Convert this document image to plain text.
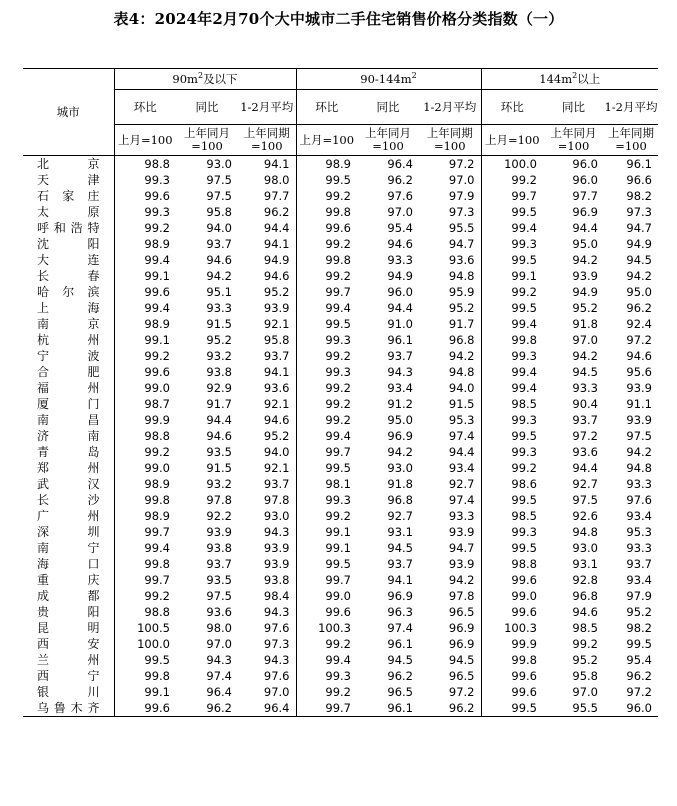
表4：2024年2月70个大中城市二手住宅销售价格分类指数（一）
城市	$90m^2$及以下			$90-144m^2$			$144m^2$以上		
	环比	同比	1-2月平均	环比	同比	1-2月平均	环比	同比	1-2月平均
	上月=100	上年同月=100	上年同期=100	上月=100	上年同月=100	上年同期=100	上月=100	上年同月=100	上年同期=100
北京	98.8	93.0	94.1	98.9	96.4	97.2	100.0	96.0	96.1
天津	99.3	97.5	98.0	99.5	96.2	97.0	99.2	96.0	96.6
石家庄	99.6	97.5	97.7	99.2	97.6	97.9	99.7	97.7	98.2
太原	99.3	95.8	96.2	99.8	97.0	97.3	99.5	96.9	97.3
呼和浩特	99.2	94.0	94.4	99.6	95.4	95.5	99.4	94.4	94.7
沈阳	98.9	93.7	94.1	99.2	94.6	94.7	99.3	95.0	94.9
大连	99.4	94.6	94.9	99.8	93.3	93.6	99.5	94.2	94.5
长春	99.1	94.2	94.6	99.2	94.9	94.8	99.1	93.9	94.2
哈尔滨	99.6	95.1	95.2	99.7	96.0	95.9	99.2	94.9	95.0
上海	99.4	93.3	93.9	99.4	94.4	95.2	99.5	95.2	96.2
南京	98.9	91.5	92.1	99.5	91.0	91.7	99.4	91.8	92.4
杭州	99.1	95.2	95.8	99.3	96.1	96.8	99.8	97.0	97.2
宁波	99.2	93.2	93.7	99.2	93.7	94.2	99.3	94.2	94.6
合肥	99.6	93.8	94.1	99.3	94.3	94.8	99.4	94.5	95.6
福州	99.0	92.9	93.6	99.2	93.4	94.0	99.4	93.3	93.9
厦门	98.7	91.7	92.1	99.2	91.2	91.5	98.5	90.4	91.1
南昌	99.9	94.4	94.6	99.2	95.0	95.3	99.3	93.7	93.9
济南	98.8	94.6	95.2	99.4	96.9	97.4	99.5	97.2	97.5
青岛	99.2	93.5	94.0	99.7	94.2	94.4	99.3	93.6	94.2
郑州	99.0	91.5	92.1	99.5	93.0	93.4	99.2	94.4	94.8
武汉	98.9	93.2	93.7	98.1	91.8	92.7	98.6	92.7	93.3
长沙	99.8	97.8	97.8	99.3	96.8	97.4	99.5	97.5	97.6
广州	98.9	92.2	93.0	99.2	92.7	93.3	98.5	92.6	93.4
深圳	99.7	93.9	94.3	99.1	93.1	93.9	99.3	94.8	95.3
南宁	99.4	93.8	93.9	99.1	94.5	94.7	99.5	93.0	93.3
海口	99.8	93.7	93.9	99.5	93.7	93.9	98.8	93.1	93.7
重庆	99.7	93.5	93.8	99.7	94.1	94.2	99.6	92.8	93.4
成都	99.2	97.5	98.4	99.0	96.9	97.8	99.0	96.8	97.9
贵阳	98.8	93.6	94.3	99.6	96.3	96.5	99.6	94.6	95.2
昆明	100.5	98.0	97.6	100.3	97.4	96.9	100.3	98.5	98.2
西安	100.0	97.0	97.3	99.2	96.1	96.9	99.9	99.2	99.5
兰州	99.5	94.3	94.3	99.4	94.5	94.5	99.8	95.2	95.4
西宁	99.8	97.4	97.6	99.3	96.2	96.5	99.6	95.8	96.2
银川	99.1	96.4	97.0	99.2	96.5	97.2	99.6	97.0	97.2
乌鲁木齐	99.6	96.2	96.4	99.7	96.1	96.2	99.5	95.5	96.0
